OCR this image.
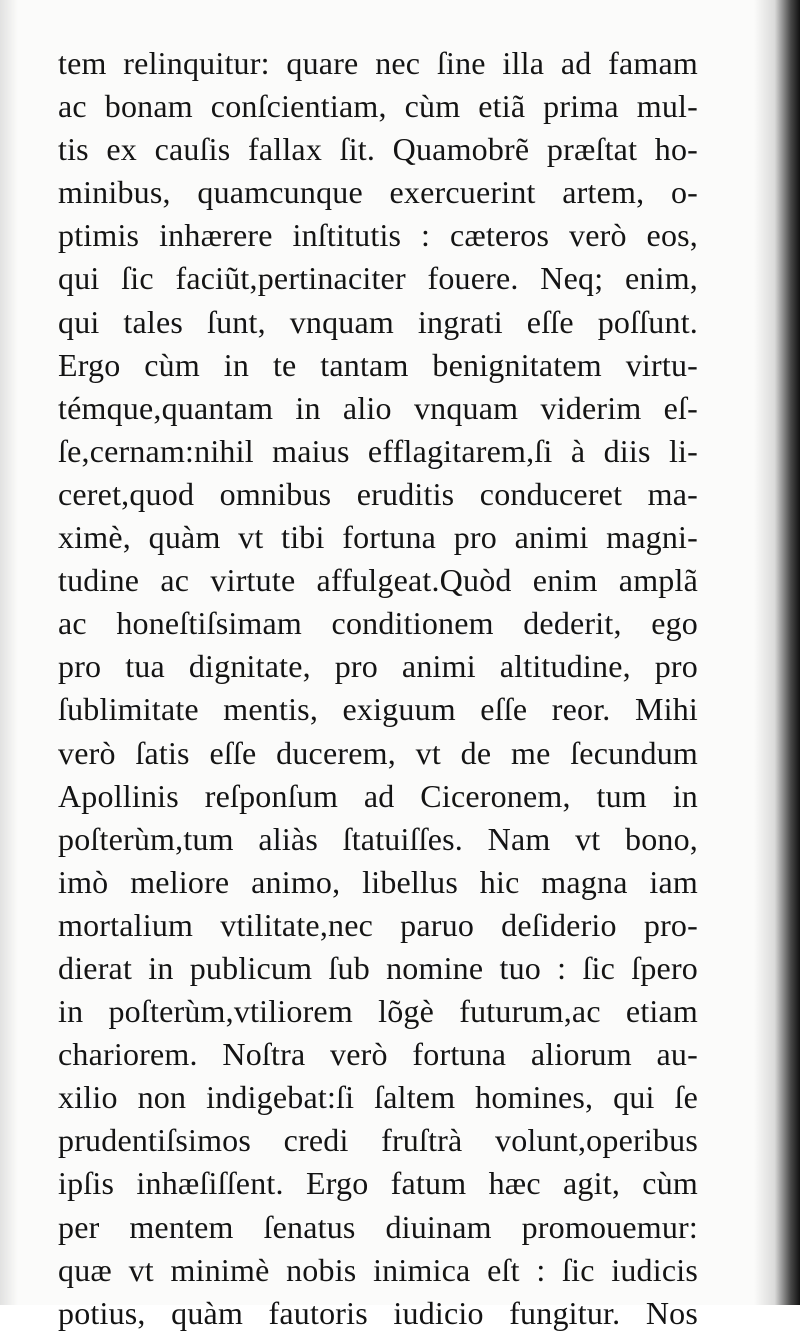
tem relinquitur: quare nec ſine illa ad famam
ac bonam conſcientiam, cùm etiã prima mul-
tis ex cauſis fallax ſit. Quamobrẽ præſtat ho-
minibus, quamcunque exercuerint artem, o-
ptimis inhærere inſtitutis : cæteros verò eos,
qui ſic faciũt,pertinaciter fouere. Neq; enim,
qui tales ſunt, vnquam ingrati eſſe poſſunt.
Ergo cùm in te tantam benignitatem virtu-
témque,quantam in alio vnquam viderim eſ-
ſe,cernam:nihil maius efflagitarem,ſi à diis li-
ceret,quod omnibus eruditis conduceret ma-
ximè, quàm vt tibi fortuna pro animi magni-
tudine ac virtute affulgeat.Quòd enim amplã
ac honeſtiſsimam conditionem dederit, ego
pro tua dignitate, pro animi altitudine, pro
ſublimitate mentis, exiguum eſſe reor. Mihi
verò ſatis eſſe ducerem, vt de me ſecundum
Apollinis reſponſum ad Ciceronem, tum in
poſterùm,tum aliàs ſtatuiſſes. Nam vt bono,
imò meliore animo, libellus hic magna iam
mortalium vtilitate,nec paruo deſiderio pro-
dierat in publicum ſub nomine tuo : ſic ſpero
in poſterùm,vtiliorem lõgè futurum,ac etiam
chariorem. Noſtra verò fortuna aliorum au-
xilio non indigebat:ſi ſaltem homines, qui ſe
prudentiſsimos credi fruſtrà volunt,operibus
ipſis inhæſiſſent. Ergo fatum hæc agit, cùm
per mentem ſenatus diuinam promouemur:
quæ vt minimè nobis inimica eſt : ſic iudicis
potius, quàm fautoris iudicio fungitur. Nos
